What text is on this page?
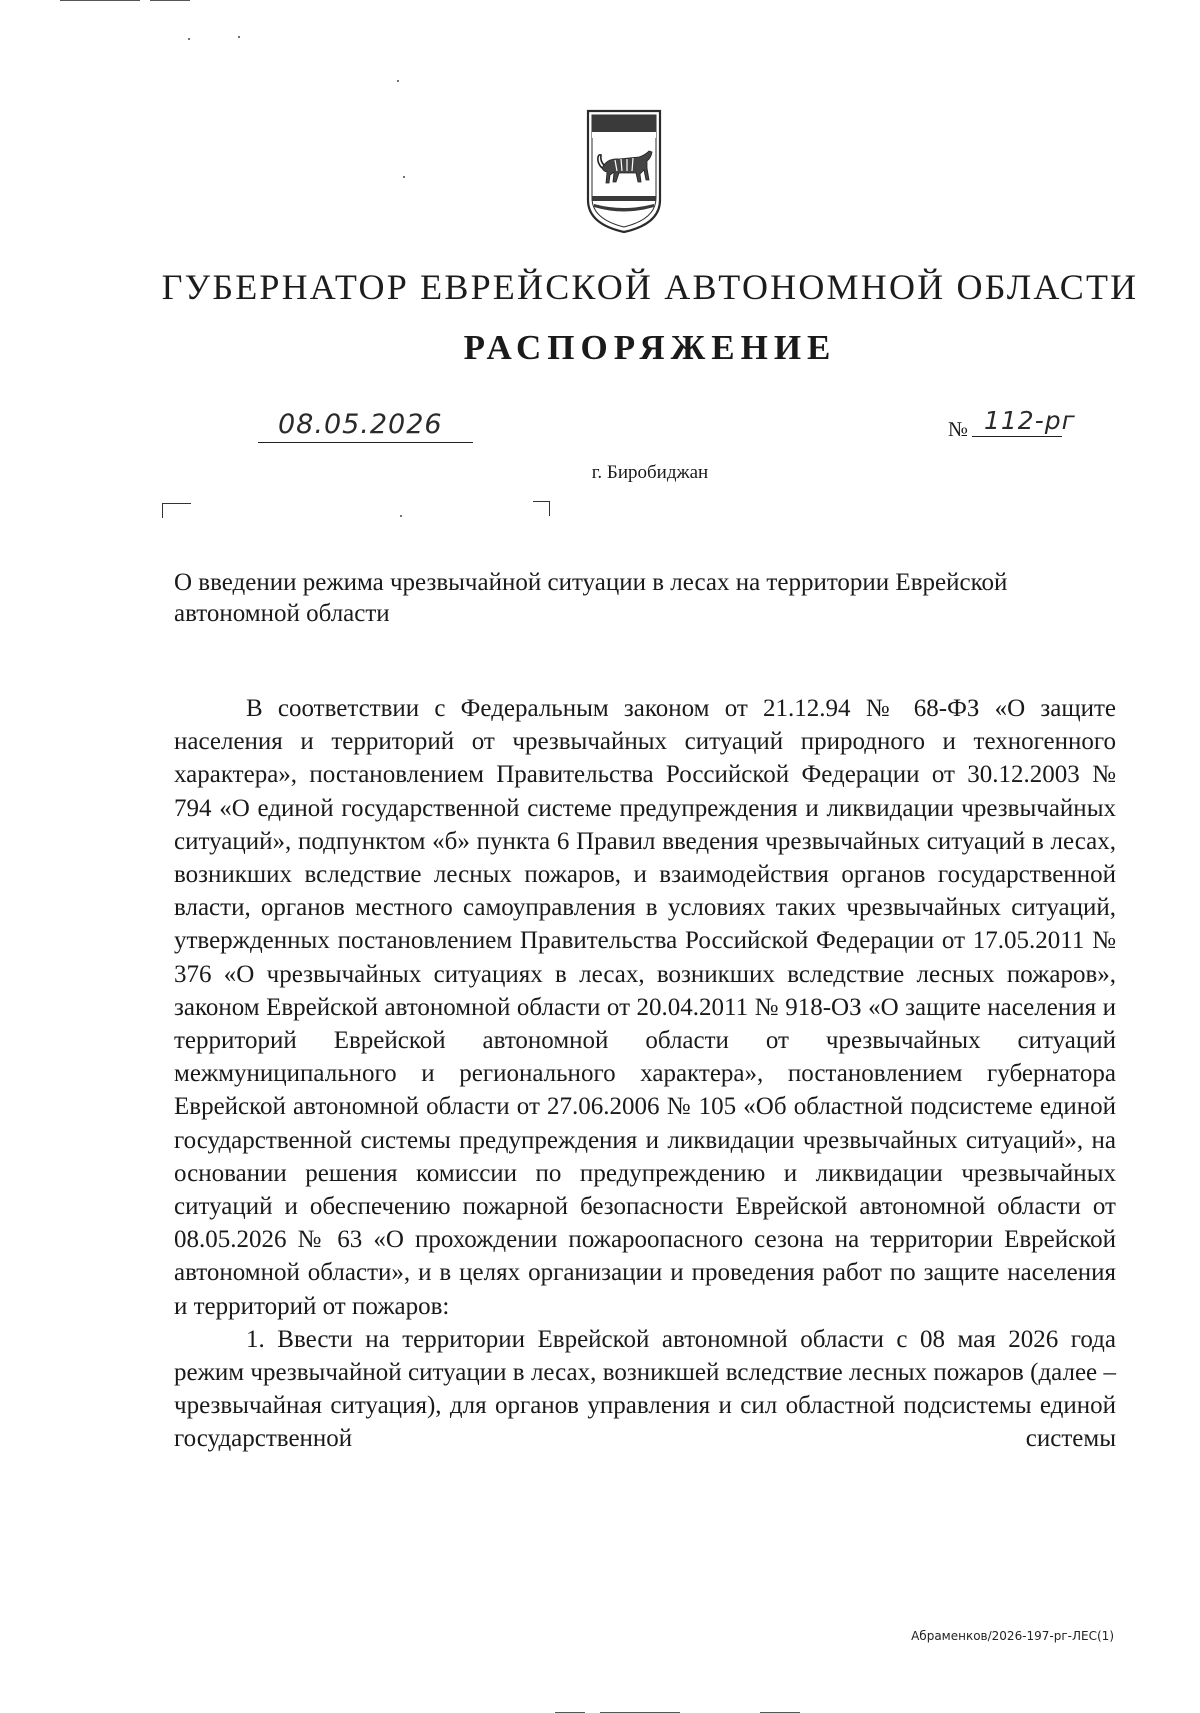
ГУБЕРНАТОР ЕВРЕЙСКОЙ АВТОНОМНОЙ ОБЛАСТИ
РАСПОРЯЖЕНИЕ
08.05.2026	№ 112-рг
г. Биробиджан
О введении режима чрезвычайной ситуации в лесах на территории Еврейской автономной области

В соответствии с Федеральным законом от 21.12.94 № 68-ФЗ «О защите населения и территорий от чрезвычайных ситуаций природного и техногенного характера», постановлением Правительства Российской Федерации от 30.12.2003 № 794 «О единой государственной системе предупреждения и ликвидации чрезвычайных ситуаций», подпунктом «б» пункта 6 Правил введения чрезвычайных ситуаций в лесах, возникших вследствие лесных пожаров, и взаимодействия органов государственной власти, органов местного самоуправления в условиях таких чрезвычайных ситуаций, утвержденных постановлением Правительства Российской Федерации от 17.05.2011 № 376 «О чрезвычайных ситуациях в лесах, возникших вследствие лесных пожаров», законом Еврейской автономной области от 20.04.2011 № 918-ОЗ «О защите населения и территорий Еврейской автономной области от чрезвычайных ситуаций межмуниципального и регионального характера», постановлением губернатора Еврейской автономной области от 27.06.2006 № 105 «Об областной подсистеме единой государственной системы предупреждения и ликвидации чрезвычайных ситуаций», на основании решения комиссии по предупреждению и ликвидации чрезвычайных ситуаций и обеспечению пожарной безопасности Еврейской автономной области от 08.05.2026 № 63 «О прохождении пожароопасного сезона на территории Еврейской автономной области», и в целях организации и проведения работ по защите населения и территорий от пожаров:

1. Ввести на территории Еврейской автономной области с 08 мая 2026 года режим чрезвычайной ситуации в лесах, возникшей вследствие лесных пожаров (далее – чрезвычайная ситуация), для органов управления и сил областной подсистемы единой государственной системы

Абраменков/2026-197-рг-ЛЕС(1)
